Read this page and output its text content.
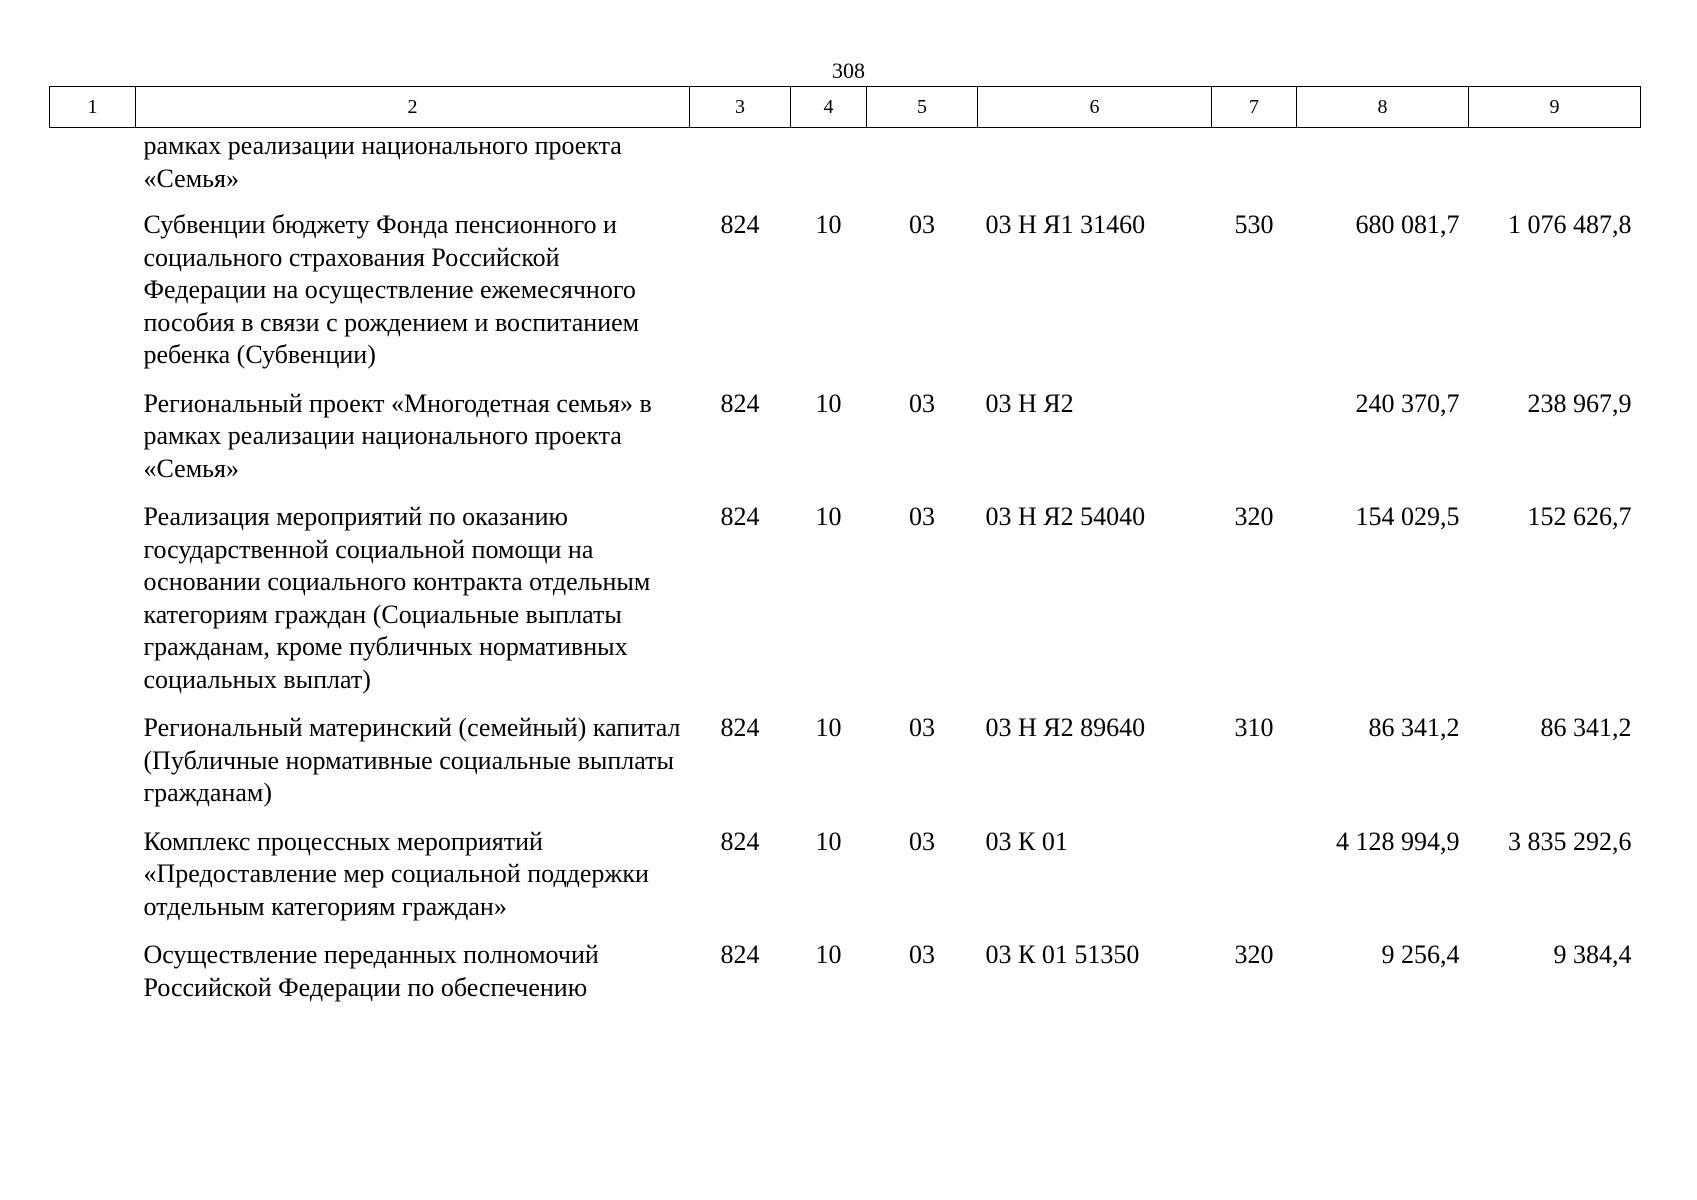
308
1	2	3	4	5	6	7	8	9
	рамках реализации национального проекта «Семья»							
	Субвенции бюджету Фонда пенсионного и социального страхования Российской Федерации на осуществление ежемесячного пособия в связи с рождением и воспитанием ребенка (Субвенции)	824	10	03	03 Н Я1 31460	530	680 081,7	1 076 487,8
	Региональный проект «Многодетная семья» в рамках реализации национального проекта «Семья»	824	10	03	03 Н Я2		240 370,7	238 967,9
	Реализация мероприятий по оказанию государственной социальной помощи на основании социального контракта отдельным категориям граждан (Социальные выплаты гражданам, кроме публичных нормативных социальных выплат)	824	10	03	03 Н Я2 54040	320	154 029,5	152 626,7
	Региональный материнский (семейный) капитал (Публичные нормативные социальные выплаты гражданам)	824	10	03	03 Н Я2 89640	310	86 341,2	86 341,2
	Комплекс процессных мероприятий «Предоставление мер социальной поддержки отдельным категориям граждан»	824	10	03	03 К 01		4 128 994,9	3 835 292,6
	Осуществление переданных полномочий Российской Федерации по обеспечению	824	10	03	03 К 01 51350	320	9 256,4	9 384,4
